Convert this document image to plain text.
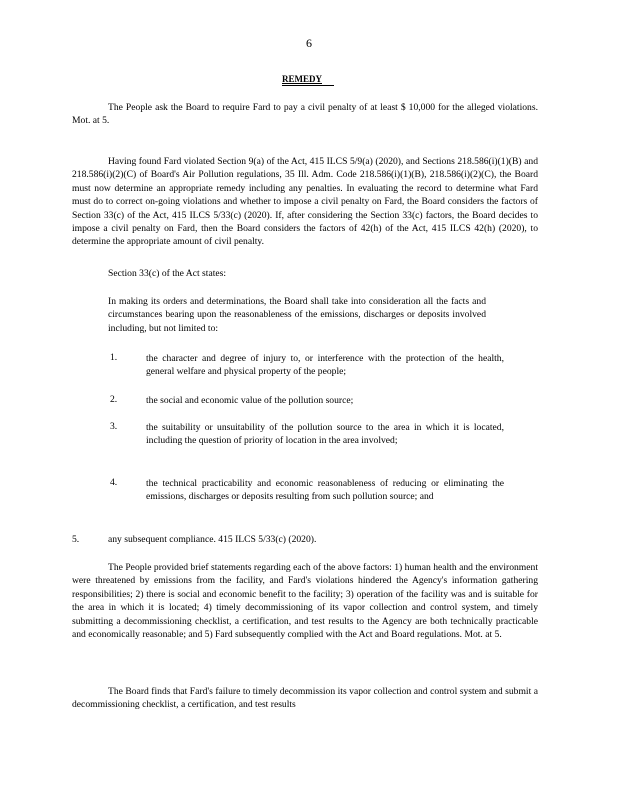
6
REMEDY
The People ask the Board to require Fard to pay a civil penalty of at least $ 10,000 for the alleged violations. Mot. at 5.
Having found Fard violated Section 9(a) of the Act, 415 ILCS 5/9(a) (2020), and Sections 218.586(i)(1)(B) and 218.586(i)(2)(C) of Board's Air Pollution regulations, 35 Ill. Adm. Code 218.586(i)(1)(B), 218.586(i)(2)(C), the Board must now determine an appropriate remedy including any penalties. In evaluating the record to determine what Fard must do to correct on-going violations and whether to impose a civil penalty on Fard, the Board considers the factors of Section 33(c) of the Act, 415 ILCS 5/33(c) (2020). If, after considering the Section 33(c) factors, the Board decides to impose a civil penalty on Fard, then the Board considers the factors of 42(h) of the Act, 415 ILCS 42(h) (2020), to determine the appropriate amount of civil penalty.
Section 33(c) of the Act states:
In making its orders and determinations, the Board shall take into consideration all the facts and circumstances bearing upon the reasonableness of the emissions, discharges or deposits involved including, but not limited to:
1.	the character and degree of injury to, or interference with the protection of the health, general welfare and physical property of the people;
2.	the social and economic value of the pollution source;
3.	the suitability or unsuitability of the pollution source to the area in which it is located, including the question of priority of location in the area involved;
4.	the technical practicability and economic reasonableness of reducing or eliminating the emissions, discharges or deposits resulting from such pollution source; and
5.	any subsequent compliance. 415 ILCS 5/33(c) (2020).
The People provided brief statements regarding each of the above factors: 1) human health and the environment were threatened by emissions from the facility, and Fard's violations hindered the Agency's information gathering responsibilities; 2) there is social and economic benefit to the facility; 3) operation of the facility was and is suitable for the area in which it is located; 4) timely decommissioning of its vapor collection and control system, and timely submitting a decommissioning checklist, a certification, and test results to the Agency are both technically practicable and economically reasonable; and 5) Fard subsequently complied with the Act and Board regulations. Mot. at 5.
The Board finds that Fard's failure to timely decommission its vapor collection and control system and submit a decommissioning checklist, a certification, and test results
